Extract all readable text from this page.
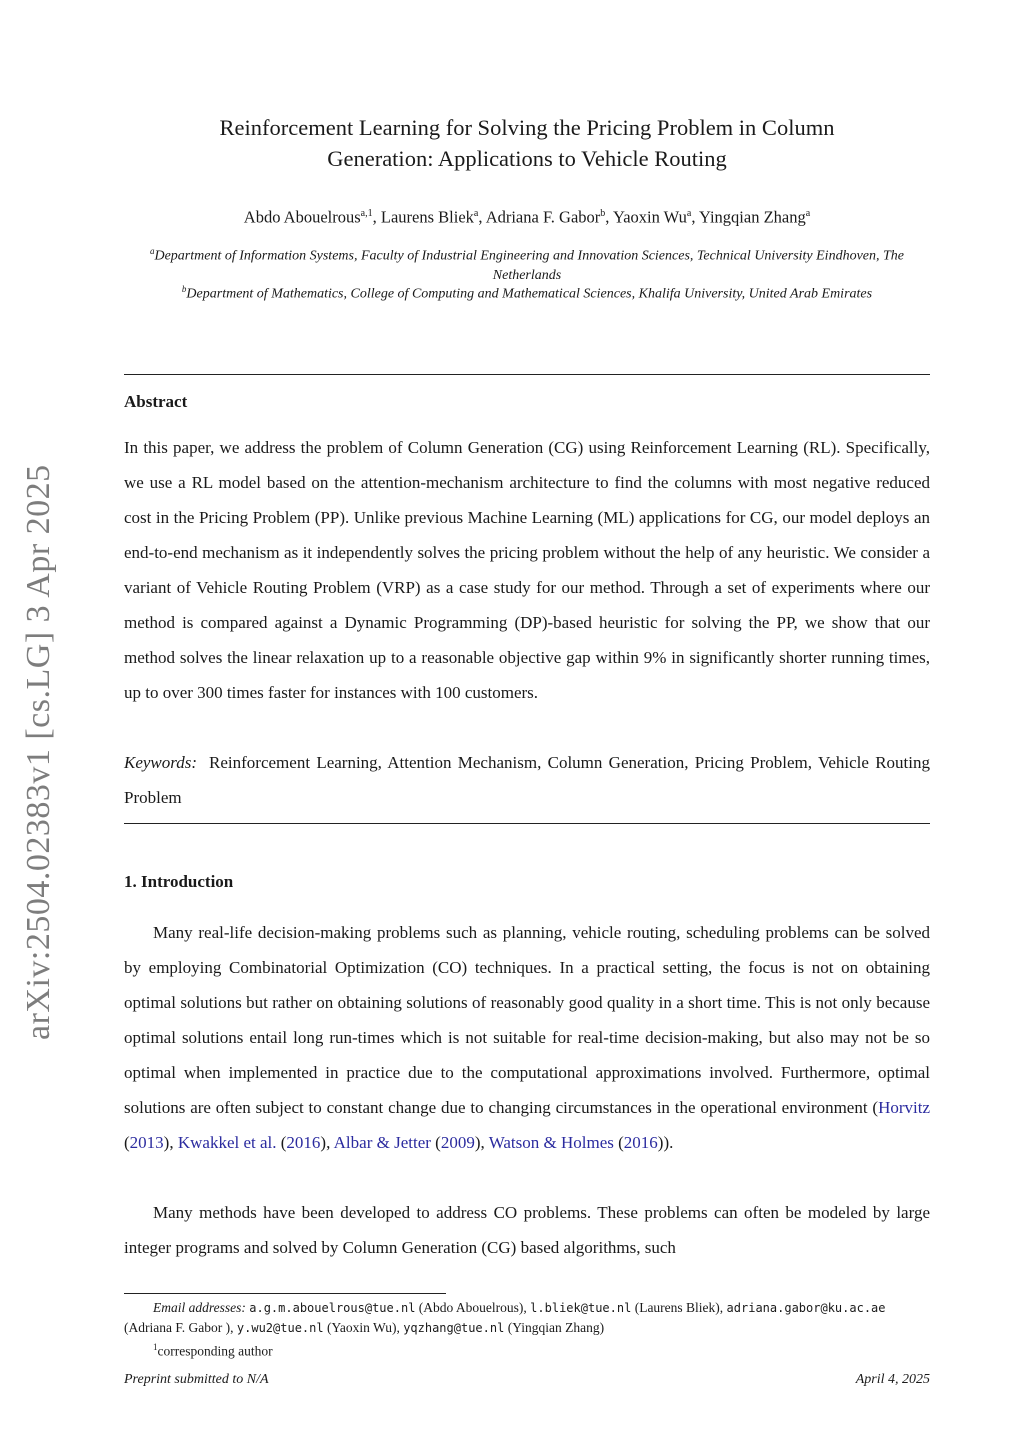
arXiv:2504.02383v1 [cs.LG] 3 Apr 2025
Reinforcement Learning for Solving the Pricing Problem in Column
Generation: Applications to Vehicle Routing
Abdo Abouelrous$^{a,1}$, Laurens Bliek$^a$, Adriana F. Gabor$^b$, Yaoxin Wu$^a$, Yingqian Zhang$^a$
$^a$Department of Information Systems, Faculty of Industrial Engineering and Innovation Sciences, Technical University Eindhoven, The Netherlands
$^b$Department of Mathematics, College of Computing and Mathematical Sciences, Khalifa University, United Arab Emirates
Abstract
In this paper, we address the problem of Column Generation (CG) using Reinforcement Learning (RL). Specifically, we use a RL model based on the attention-mechanism architecture to find the columns with most negative reduced cost in the Pricing Problem (PP). Unlike previous Machine Learning (ML) applications for CG, our model deploys an end-to-end mechanism as it independently solves the pricing problem without the help of any heuristic. We consider a variant of Vehicle Routing Problem (VRP) as a case study for our method. Through a set of experiments where our method is compared against a Dynamic Programming (DP)-based heuristic for solving the PP, we show that our method solves the linear relaxation up to a reasonable objective gap within 9% in significantly shorter running times, up to over 300 times faster for instances with 100 customers.
Keywords: Reinforcement Learning, Attention Mechanism, Column Generation, Pricing Problem, Vehicle Routing Problem
1. Introduction
Many real-life decision-making problems such as planning, vehicle routing, scheduling problems can be solved by employing Combinatorial Optimization (CO) techniques. In a practical setting, the focus is not on obtaining optimal solutions but rather on obtaining solutions of reasonably good quality in a short time. This is not only because optimal solutions entail long run-times which is not suitable for real-time decision-making, but also may not be so optimal when implemented in practice due to the computational approximations involved. Furthermore, optimal solutions are often subject to constant change due to changing circumstances in the operational environment (Horvitz (2013), Kwakkel et al. (2016), Albar & Jetter (2009), Watson & Holmes (2016)).
Many methods have been developed to address CO problems. These problems can often be modeled by large integer programs and solved by Column Generation (CG) based algorithms, such
Email addresses: a.g.m.abouelrous@tue.nl (Abdo Abouelrous), l.bliek@tue.nl (Laurens Bliek), adriana.gabor@ku.ac.ae (Adriana F. Gabor ), y.wu2@tue.nl (Yaoxin Wu), yqzhang@tue.nl (Yingqian Zhang)
$^1$corresponding author
Preprint submitted to N/A	April 4, 2025
